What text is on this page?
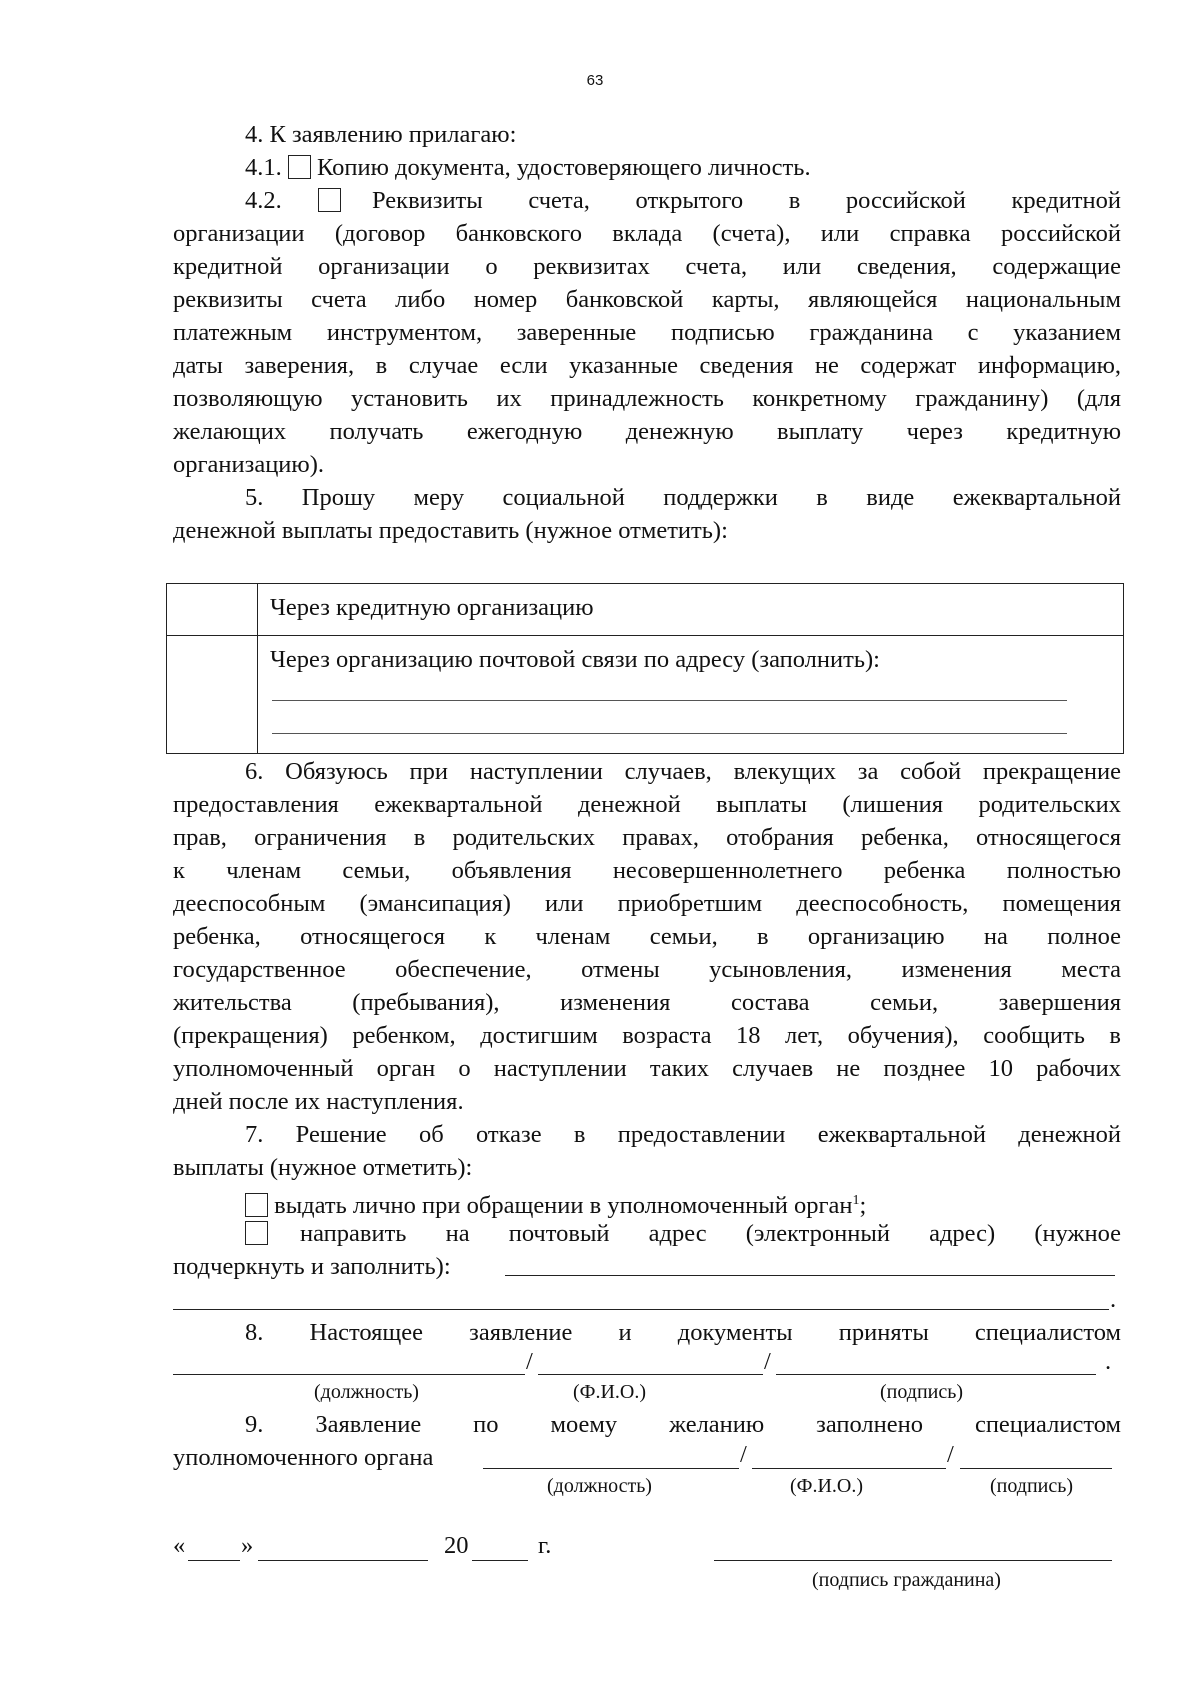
63
4. К заявлению прилагаю:
4.1. Копию документа, удостоверяющего личность.
4.2.	Реквизиты счета, открытого в российской кредитной
организации (договор банковского вклада (счета), или справка российской
кредитной организации о реквизитах счета, или сведения, содержащие
реквизиты счета либо номер банковской карты, являющейся национальным
платежным инструментом, заверенные подписью гражданина с указанием
даты заверения, в случае если указанные сведения не содержат информацию,
позволяющую установить их принадлежность конкретному гражданину) (для
желающих получать ежегодную денежную выплату через кредитную
организацию).
5. Прошу меру социальной поддержки в виде ежеквартальной
денежной выплаты предоставить (нужное отметить):

	Через кредитную организацию

	Через организацию почтовой связи по адресу (заполнить):
6. Обязуюсь при наступлении случаев, влекущих за собой прекращение
предоставления ежеквартальной денежной выплаты (лишения родительских
прав, ограничения в родительских правах, отобрания ребенка, относящегося
к членам семьи, объявления несовершеннолетнего ребенка полностью
дееспособным (эмансипация) или приобретшим дееспособность, помещения
ребенка, относящегося к членам семьи, в организацию на полное
государственное обеспечение, отмены усыновления, изменения места
жительства (пребывания), изменения состава семьи, завершения
(прекращения) ребенком, достигшим возраста 18 лет, обучения), сообщить в
уполномоченный орган о наступлении таких случаев не позднее 10 рабочих
дней после их наступления.
7. Решение об отказе в предоставлении ежеквартальной денежной
выплаты (нужное отметить):
выдать лично при обращении в уполномоченный орган$^1$;
направить на почтовый адрес (электронный адрес) (нужное
подчеркнуть и заполнить):
.
8. Настоящее заявление и документы приняты специалистом
/	/	.
(должность)	(Ф.И.О.)	(подпись)
9. Заявление по моему желанию заполнено специалистом
уполномоченного органа	/	/
(должность)	(Ф.И.О.)	(подпись)
« »	20	г.
(подпись гражданина)
